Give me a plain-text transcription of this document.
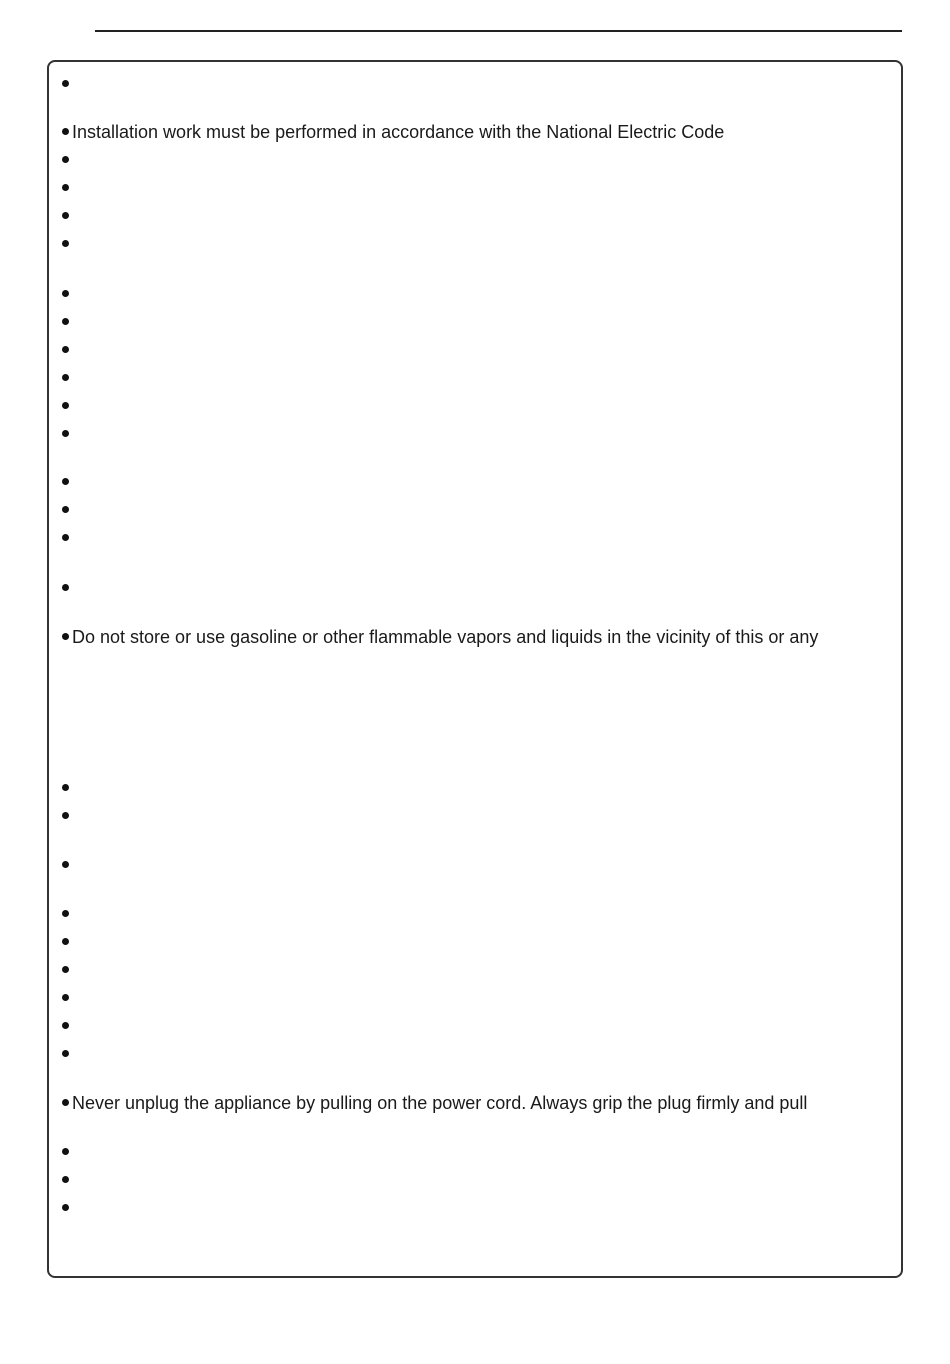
Installation work must be performed in accordance with the National Electric Code
Do not store or use gasoline or other flammable vapors and liquids in the vicinity of this or any
Never unplug the appliance by pulling on the power cord. Always grip the plug firmly and pull
